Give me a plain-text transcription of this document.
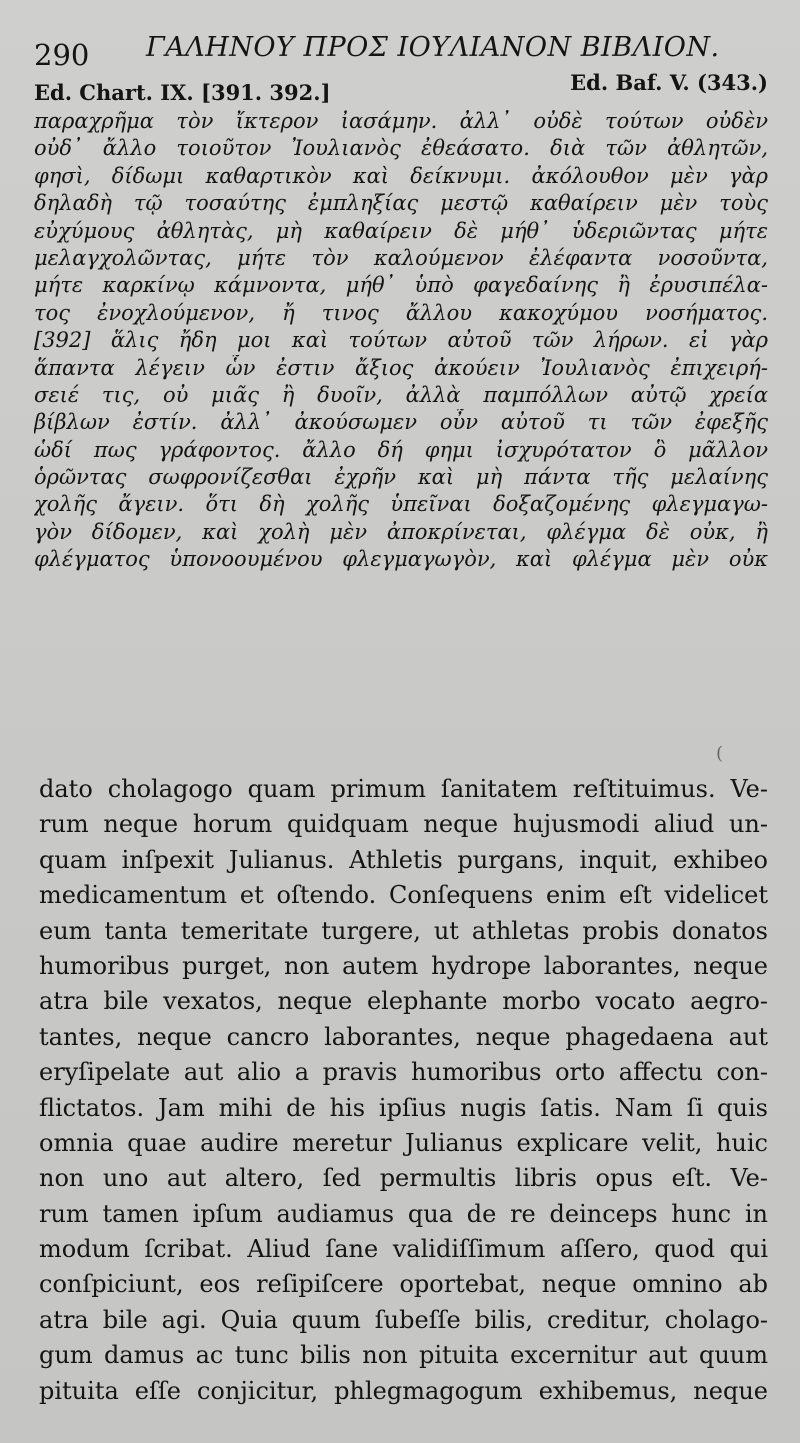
290 ΓΑΛΗΝΟΥ ΠΡΟΣ ΙΟΥΛΙΑΝΟΝ ΒΙΒΛΙΟΝ.
Ed. Chart. IX. [391. 392.]	Ed. Baf. V. (343.)
παραχρῆμα τὸν ἴκτερον ἰασάμην. ἀλλ᾽ οὐδὲ τούτων οὐδὲν
οὐδ᾽ ἄλλο τοιοῦτον Ἰουλιανὸς ἐθεάσατο. διὰ τῶν ἀθλητῶν,
φησὶ, δίδωμι καθαρτικὸν καὶ δείκνυμι. ἀκόλουθον μὲν γὰρ
δηλαδὴ τῷ τοσαύτης ἐμπληξίας μεστῷ καθαίρειν μὲν τοὺς
εὐχύμους ἀθλητὰς, μὴ καθαίρειν δὲ μήθ᾽ ὑδεριῶντας μήτε
μελαγχολῶντας, μήτε τὸν καλούμενον ἐλέφαντα νοσοῦντα,
μήτε καρκίνῳ κάμνοντα, μήθ᾽ ὑπὸ φαγεδαίνης ἢ ἐρυσιπέλα-
τος ἐνοχλούμενον, ἤ τινος ἄλλου κακοχύμου νοσήματος.
[392] ἅλις ἤδη μοι καὶ τούτων αὐτοῦ τῶν λήρων. εἰ γὰρ
ἅπαντα λέγειν ὧν ἐστιν ἄξιος ἀκούειν Ἰουλιανὸς ἐπιχειρή-
σειέ τις, οὐ μιᾶς ἢ δυοῖν, ἀλλὰ παμπόλλων αὐτῷ χρεία
βίβλων ἐστίν. ἀλλ᾽ ἀκούσωμεν οὖν αὐτοῦ τι τῶν ἐφεξῆς
ὡδί πως γράφοντος. ἄλλο δή φημι ἰσχυρότατον ὃ μᾶλλον
ὁρῶντας σωφρονίζεσθαι ἐχρῆν καὶ μὴ πάντα τῆς μελαίνης
χολῆς ἄγειν. ὅτι δὴ χολῆς ὑπεῖναι δοξαζομένης φλεγμαγω-
γὸν δίδομεν, καὶ χολὴ μὲν ἀποκρίνεται, φλέγμα δὲ οὐκ, ἢ
φλέγματος ὑπονοουμένου φλεγμαγωγὸν, καὶ φλέγμα μὲν οὐκ
(
dato cholagogo quam primum ſanitatem reſtituimus. Ve-
rum neque horum quidquam neque hujusmodi aliud un-
quam inſpexit Julianus. Athletis purgans, inquit, exhibeo
medicamentum et oſtendo. Conſequens enim eſt videlicet
eum tanta temeritate turgere, ut athletas probis donatos
humoribus purget, non autem hydrope laborantes, neque
atra bile vexatos, neque elephante morbo vocato aegro-
tantes, neque cancro laborantes, neque phagedaena aut
eryſipelate aut alio a pravis humoribus orto affectu con-
flictatos. Jam mihi de his ipſius nugis ſatis. Nam ſi quis
omnia quae audire meretur Julianus explicare velit, huic
non uno aut altero, ſed permultis libris opus eſt. Ve-
rum tamen ipſum audiamus qua de re deinceps hunc in
modum ſcribat. Aliud ſane validiſſimum aſſero, quod qui
conſpiciunt, eos reſipiſcere oportebat, neque omnino ab
atra bile agi. Quia quum ſubeſſe bilis, creditur, cholago-
gum damus ac tunc bilis non pituita excernitur aut quum
pituita eſſe conjicitur, phlegmagogum exhibemus, neque
